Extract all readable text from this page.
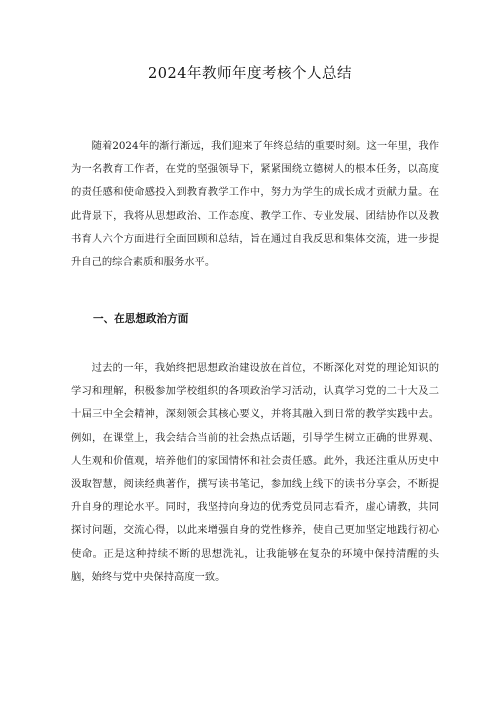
2024年教师年度考核个人总结

随着2024年的渐行渐远，我们迎来了年终总结的重要时刻。这一年里，我作为一名教育工作者，在党的坚强领导下，紧紧围绕立德树人的根本任务，以高度的责任感和使命感投入到教育教学工作中，努力为学生的成长成才贡献力量。在此背景下，我将从思想政治、工作态度、教学工作、专业发展、团结协作以及教书育人六个方面进行全面回顾和总结，旨在通过自我反思和集体交流，进一步提升自己的综合素质和服务水平。

一、在思想政治方面

过去的一年，我始终把思想政治建设放在首位，不断深化对党的理论知识的学习和理解，积极参加学校组织的各项政治学习活动，认真学习党的二十大及二十届三中全会精神，深刻领会其核心要义，并将其融入到日常的教学实践中去。例如，在课堂上，我会结合当前的社会热点话题，引导学生树立正确的世界观、人生观和价值观，培养他们的家国情怀和社会责任感。此外，我还注重从历史中汲取智慧，阅读经典著作，撰写读书笔记，参加线上线下的读书分享会，不断提升自身的理论水平。同时，我坚持向身边的优秀党员同志看齐，虚心请教，共同探讨问题，交流心得，以此来增强自身的党性修养，使自己更加坚定地践行初心使命。正是这种持续不断的思想洗礼，让我能够在复杂的环境中保持清醒的头脑，始终与党中央保持高度一致。
